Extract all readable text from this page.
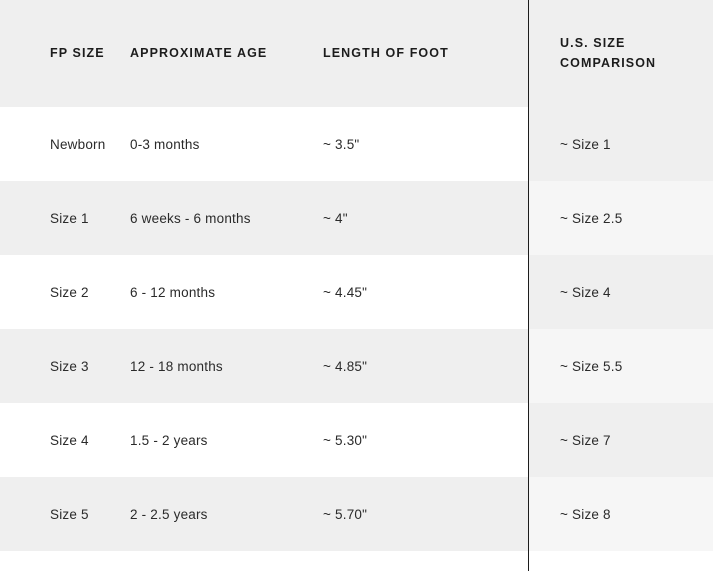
FP SIZE	APPROXIMATE AGE	LENGTH OF FOOT	U.S. SIZE COMPARISON

Newborn	0-3 months	~ 3.5"	~ Size 1

Size 1	6 weeks - 6 months	~ 4"	~ Size 2.5

Size 2	6 - 12 months	~ 4.45"	~ Size 4

Size 3	12 - 18 months	~ 4.85"	~ Size 5.5

Size 4	1.5 - 2 years	~ 5.30"	~ Size 7

Size 5	2 - 2.5 years	~ 5.70"	~ Size 8
